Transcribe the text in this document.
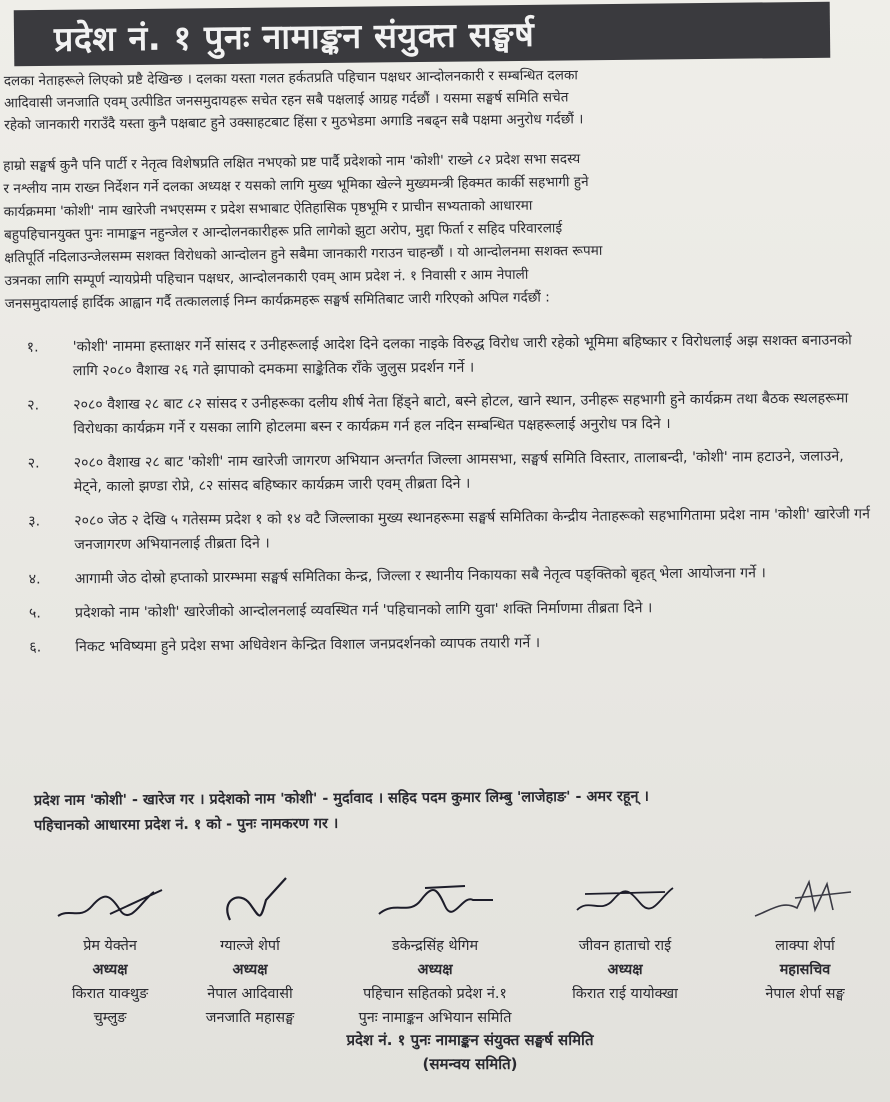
प्रदेश नं. १ पुनः नामाङ्कन संयुक्त सङ्घर्ष

दलका नेताहरूले लिएको प्रष्टै देखिन्छ । दलका यस्ता गलत हर्कतप्रति पहिचान पक्षधर आन्दोलनकारी र सम्बन्धित दलका

आदिवासी जनजाति एवम् उत्पीडित जनसमुदायहरू सचेत रहन सबै पक्षलाई आग्रह गर्दछौं । यसमा सङ्घर्ष समिति सचेत

रहेको जानकारी गराउँदै यस्ता कुनै पक्षबाट हुने उक्साहटबाट हिंसा र मुठभेडमा अगाडि नबढ्न सबै पक्षमा अनुरोध गर्दछौं ।

हाम्रो सङ्घर्ष कुनै पनि पार्टी र नेतृत्व विशेषप्रति लक्षित नभएको प्रष्ट पार्दै प्रदेशको नाम 'कोशी' राख्ने ८२ प्रदेश सभा सदस्य

र नश्लीय नाम राख्न निर्देशन गर्ने दलका अध्यक्ष र यसको लागि मुख्य भूमिका खेल्ने मुख्यमन्त्री हिक्मत कार्की सहभागी हुने

कार्यक्रममा 'कोशी' नाम खारेजी नभएसम्म र प्रदेश सभाबाट ऐतिहासिक पृष्ठभूमि र प्राचीन सभ्यताको आधारमा

बहुपहिचानयुक्त पुनः नामाङ्कन नहुन्जेल र आन्दोलनकारीहरू प्रति लागेको झुटा अरोप, मुद्दा फिर्ता र सहिद परिवारलाई

क्षतिपूर्ति नदिलाउन्जेलसम्म सशक्त विरोधको आन्दोलन हुने सबैमा जानकारी गराउन चाहन्छौं । यो आन्दोलनमा सशक्त रूपमा

उत्रनका लागि सम्पूर्ण न्यायप्रेमी पहिचान पक्षधर, आन्दोलनकारी एवम् आम प्रदेश नं. १ निवासी र आम नेपाली

जनसमुदायलाई हार्दिक आह्वान गर्दै तत्काललाई निम्न कार्यक्रमहरू सङ्घर्ष समितिबाट जारी गरिएको अपिल गर्दछौं :

१.	'कोशी' नाममा हस्ताक्षर गर्ने सांसद र उनीहरूलाई आदेश दिने दलका नाइके विरुद्ध विरोध जारी रहेको भूमिमा बहिष्कार र विरोधलाई अझ सशक्त बनाउनको लागि २०८० वैशाख २६ गते झापाको दमकमा साङ्केतिक राँके जुलुस प्रदर्शन गर्ने ।
२.	२०८० वैशाख २८ बाट ८२ सांसद र उनीहरूका दलीय शीर्ष नेता हिंड्ने बाटो, बस्ने होटल, खाने स्थान, उनीहरू सहभागी हुने कार्यक्रम तथा बैठक स्थलहरूमा विरोधका कार्यक्रम गर्ने र यसका लागि होटलमा बस्न र कार्यक्रम गर्न हल नदिन सम्बन्धित पक्षहरूलाई अनुरोध पत्र दिने ।
२.	२०८० वैशाख २८ बाट 'कोशी' नाम खारेजी जागरण अभियान अन्तर्गत जिल्ला आमसभा, सङ्घर्ष समिति विस्तार, तालाबन्दी, 'कोशी' नाम हटाउने, जलाउने, मेट्ने, कालो झण्डा रोप्ने, ८२ सांसद बहिष्कार कार्यक्रम जारी एवम् तीब्रता दिने ।
३.	२०८० जेठ २ देखि ५ गतेसम्म प्रदेश १ को १४ वटै जिल्लाका मुख्य स्थानहरूमा सङ्घर्ष समितिका केन्द्रीय नेताहरूको सहभागितामा प्रदेश नाम 'कोशी' खारेजी गर्न जनजागरण अभियानलाई तीब्रता दिने ।
४.	आगामी जेठ दोस्रो हप्ताको प्रारम्भमा सङ्घर्ष समितिका केन्द्र, जिल्ला र स्थानीय निकायका सबै नेतृत्व पङ्क्तिको बृहत् भेला आयोजना गर्ने ।
५.	प्रदेशको नाम 'कोशी' खारेजीको आन्दोलनलाई व्यवस्थित गर्न 'पहिचानको लागि युवा' शक्ति निर्माणमा तीब्रता दिने ।
६.	निकट भविष्यमा हुने प्रदेश सभा अधिवेशन केन्द्रित विशाल जनप्रदर्शनको व्यापक तयारी गर्ने ।
प्रदेश नाम 'कोशी' - खारेज गर । प्रदेशको नाम 'कोशी' - मुर्दावाद । सहिद पदम कुमार लिम्बु 'लाजेहाङ' - अमर रहून् ।
पहिचानको आधारमा प्रदेश नं. १ को - पुनः नामकरण गर ।
प्रेम येक्तेन
अध्यक्ष
किरात याक्थुङ
चुम्लुङ
ग्याल्जे शेर्पा
अध्यक्ष
नेपाल आदिवासी
जनजाति महासङ्घ
डकेन्द्रसिंह थेगिम
अध्यक्ष
पहिचान सहितको प्रदेश नं.१
पुनः नामाङ्कन अभियान समिति
जीवन हाताचो राई
अध्यक्ष
किरात राई यायोक्खा
लाक्पा शेर्पा
महासचिव
नेपाल शेर्पा सङ्घ
प्रदेश नं. १ पुनः नामाङ्कन संयुक्त सङ्घर्ष समिति
(समन्वय समिति)
